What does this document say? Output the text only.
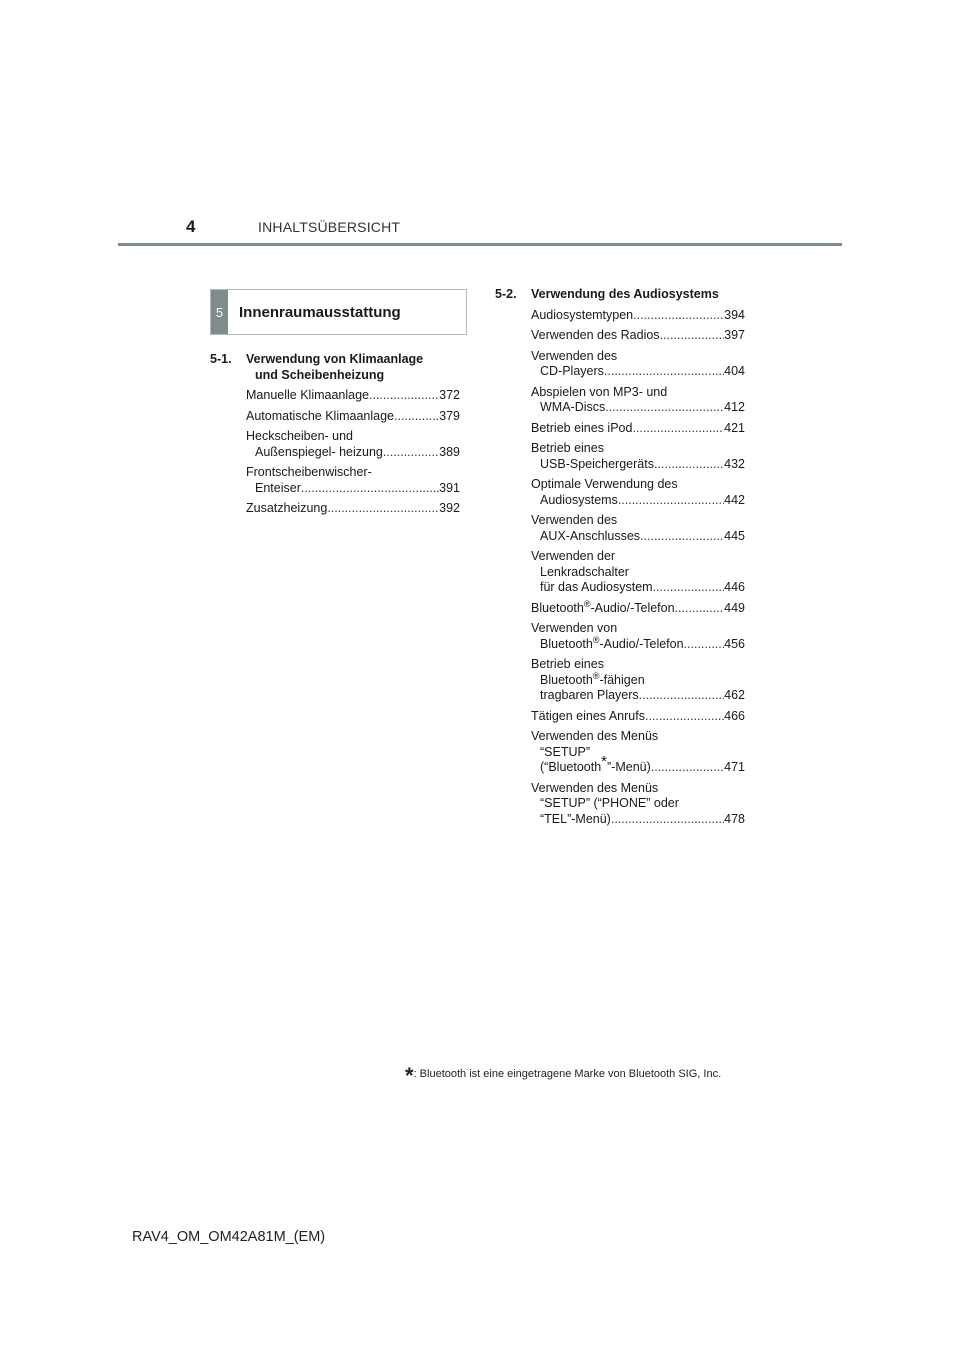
4	INHALTSÜBERSICHT
5	Innenraumausstattung
5-1.	Verwendung von Klimaanlage

und Scheibenheizung
Manuelle Klimaanlage .....	372
Automatische Klimaanlage .....	379
Heckscheiben- und
Außenspiegel- heizung .....	389
Frontscheibenwischer-
Enteiser .....	391
Zusatzheizung .....	392
5-2.	Verwendung des Audiosystems
Audiosystemtypen .....	394
Verwenden des Radios .....	397
Verwenden des
CD-Players .....	404
Abspielen von MP3- und
WMA-Discs .....	412
Betrieb eines iPod .....	421
Betrieb eines
USB-Speichergeräts .....	432
Optimale Verwendung des
Audiosystems .....	442
Verwenden des
AUX-Anschlusses .....	445
Verwenden der
Lenkradschalter
für das Audiosystem .....	446
Bluetooth®-Audio/-Telefon .....	449
Verwenden von
Bluetooth®-Audio/-Telefon .....	456
Betrieb eines
Bluetooth®-fähigen
tragbaren Players .....	462
Tätigen eines Anrufs .....	466
Verwenden des Menüs
“SETUP”
(“Bluetooth*”-Menü) .....	471
Verwenden des Menüs
“SETUP” (“PHONE” oder
“TEL”-Menü) .....	478
*: Bluetooth ist eine eingetragene Marke von Bluetooth SIG, Inc.
RAV4_OM_OM42A81M_(EM)
